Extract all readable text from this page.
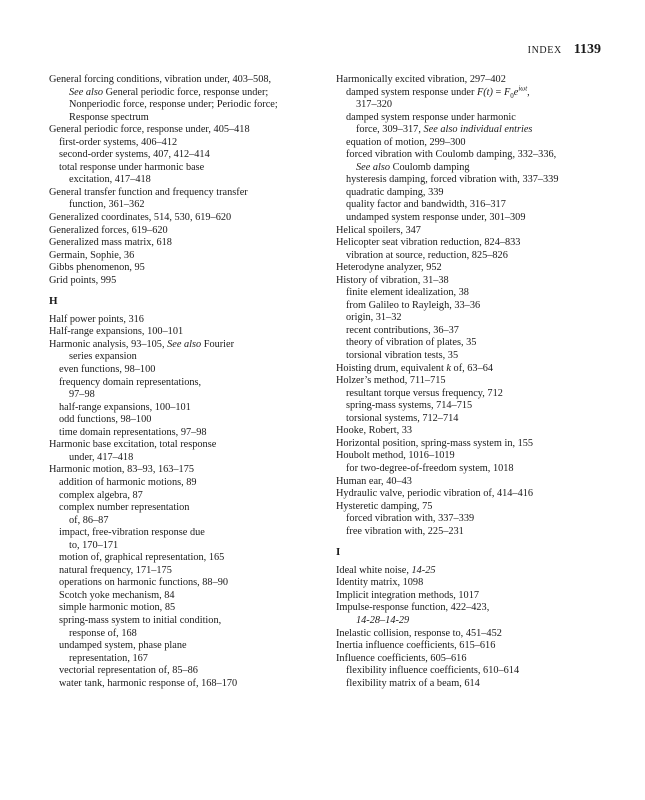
INDEX 1139
General forcing conditions, vibration under, 403–508,
See also General periodic force, response under;
Nonperiodic force, response under; Periodic force;
Response spectrum
General periodic force, response under, 405–418
first-order systems, 406–412
second-order systems, 407, 412–414
total response under harmonic base
excitation, 417–418
General transfer function and frequency transfer
function, 361–362
Generalized coordinates, 514, 530, 619–620
Generalized forces, 619–620
Generalized mass matrix, 618
Germain, Sophie, 36
Gibbs phenomenon, 95
Grid points, 995
H
Half power points, 316
Half-range expansions, 100–101
Harmonic analysis, 93–105, See also Fourier
series expansion
even functions, 98–100
frequency domain representations,
97–98
half-range expansions, 100–101
odd functions, 98–100
time domain representations, 97–98
Harmonic base excitation, total response
under, 417–418
Harmonic motion, 83–93, 163–175
addition of harmonic motions, 89
complex algebra, 87
complex number representation
of, 86–87
impact, free-vibration response due
to, 170–171
motion of, graphical representation, 165
natural frequency, 171–175
operations on harmonic functions, 88–90
Scotch yoke mechanism, 84
simple harmonic motion, 85
spring-mass system to initial condition,
response of, 168
undamped system, phase plane
representation, 167
vectorial representation of, 85–86
water tank, harmonic response of, 168–170
Harmonically excited vibration, 297–402
damped system response under $F(t) = F_0e^{i\omega t}$,
317–320
damped system response under harmonic
force, 309–317, See also individual entries
equation of motion, 299–300
forced vibration with Coulomb damping, 332–336,
See also Coulomb damping
hysteresis damping, forced vibration with, 337–339
quadratic damping, 339
quality factor and bandwidth, 316–317
undamped system response under, 301–309
Helical spoilers, 347
Helicopter seat vibration reduction, 824–833
vibration at source, reduction, 825–826
Heterodyne analyzer, 952
History of vibration, 31–38
finite element idealization, 38
from Galileo to Rayleigh, 33–36
origin, 31–32
recent contributions, 36–37
theory of vibration of plates, 35
torsional vibration tests, 35
Hoisting drum, equivalent k of, 63–64
Holzer’s method, 711–715
resultant torque versus frequency, 712
spring-mass systems, 714–715
torsional systems, 712–714
Hooke, Robert, 33
Horizontal position, spring-mass system in, 155
Houbolt method, 1016–1019
for two-degree-of-freedom system, 1018
Human ear, 40–43
Hydraulic valve, periodic vibration of, 414–416
Hysteretic damping, 75
forced vibration with, 337–339
free vibration with, 225–231
I
Ideal white noise, 14-25
Identity matrix, 1098
Implicit integration methods, 1017
Impulse-response function, 422–423,
14-28–14-29
Inelastic collision, response to, 451–452
Inertia influence coefficients, 615–616
Influence coefficients, 605–616
flexibility influence coefficients, 610–614
flexibility matrix of a beam, 614
